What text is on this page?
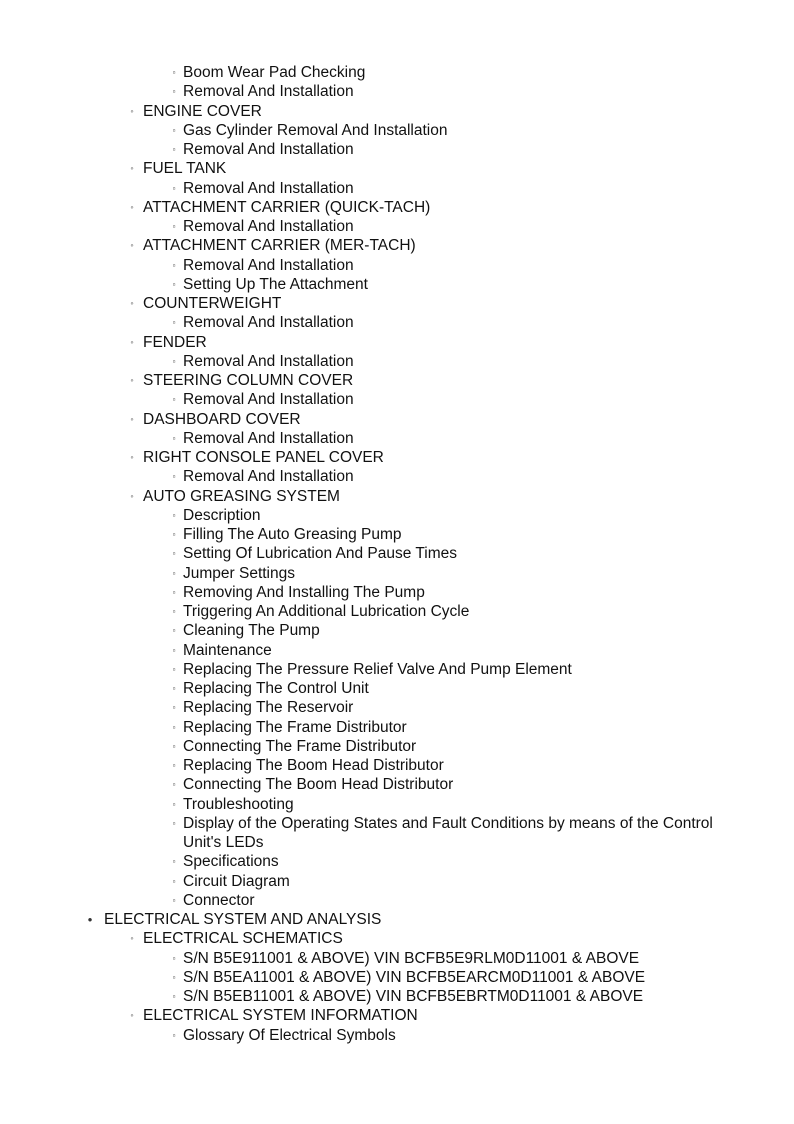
▫ Boom Wear Pad Checking
▫ Removal And Installation
◦ ENGINE COVER
▫ Gas Cylinder Removal And Installation
▫ Removal And Installation
◦ FUEL TANK
▫ Removal And Installation
◦ ATTACHMENT CARRIER (QUICK-TACH)
▫ Removal And Installation
◦ ATTACHMENT CARRIER (MER-TACH)
▫ Removal And Installation
▫ Setting Up The Attachment
◦ COUNTERWEIGHT
▫ Removal And Installation
◦ FENDER
▫ Removal And Installation
◦ STEERING COLUMN COVER
▫ Removal And Installation
◦ DASHBOARD COVER
▫ Removal And Installation
◦ RIGHT CONSOLE PANEL COVER
▫ Removal And Installation
◦ AUTO GREASING SYSTEM
▫ Description
▫ Filling The Auto Greasing Pump
▫ Setting Of Lubrication And Pause Times
▫ Jumper Settings
▫ Removing And Installing The Pump
▫ Triggering An Additional Lubrication Cycle
▫ Cleaning The Pump
▫ Maintenance
▫ Replacing The Pressure Relief Valve And Pump Element
▫ Replacing The Control Unit
▫ Replacing The Reservoir
▫ Replacing The Frame Distributor
▫ Connecting The Frame Distributor
▫ Replacing The Boom Head Distributor
▫ Connecting The Boom Head Distributor
▫ Troubleshooting
▫ Display of the Operating States and Fault Conditions by means of the Control Unit's LEDs
▫ Specifications
▫ Circuit Diagram
▫ Connector
• ELECTRICAL SYSTEM AND ANALYSIS
◦ ELECTRICAL SCHEMATICS
▫ S/N B5E911001 & ABOVE) VIN BCFB5E9RLM0D11001 & ABOVE
▫ S/N B5EA11001 & ABOVE) VIN BCFB5EARCM0D11001 & ABOVE
▫ S/N B5EB11001 & ABOVE) VIN BCFB5EBRTM0D11001 & ABOVE
◦ ELECTRICAL SYSTEM INFORMATION
▫ Glossary Of Electrical Symbols
